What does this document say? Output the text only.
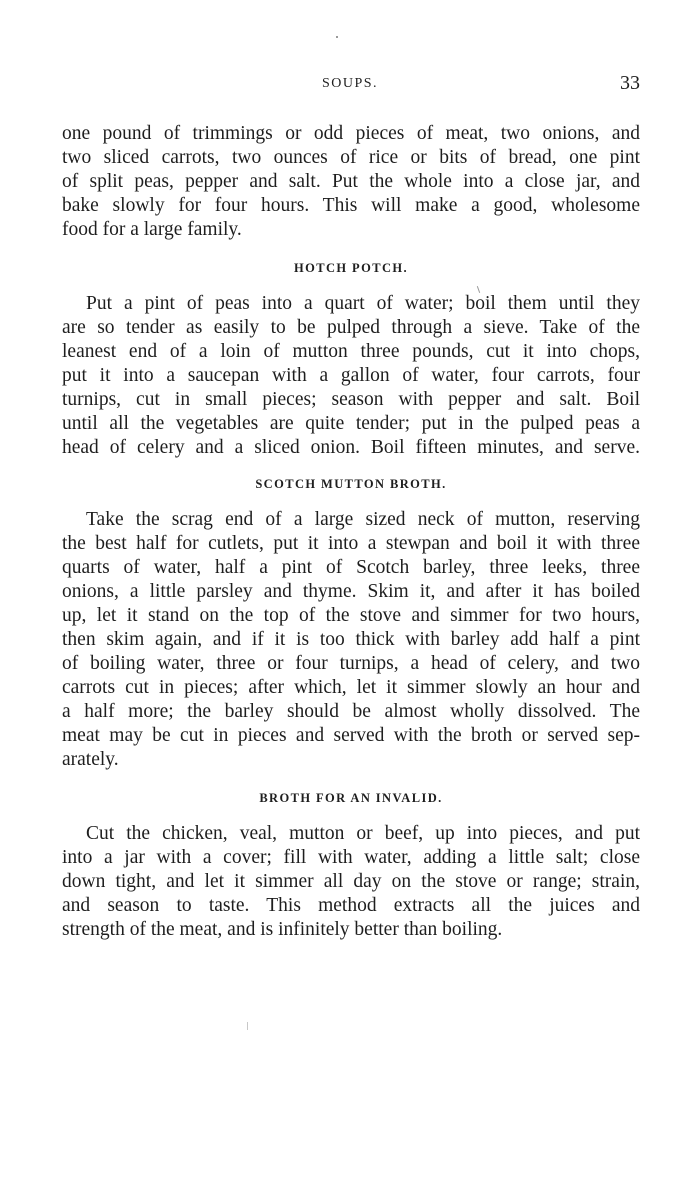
SOUPS.	33

one pound of trimmings or odd pieces of meat, two onions, and
two sliced carrots, two ounces of rice or bits of bread, one pint
of split peas, pepper and salt. Put the whole into a close jar, and
bake slowly for four hours. This will make a good, wholesome
food for a large family.

HOTCH POTCH.

Put a pint of peas into a quart of water; boil them until they
are so tender as easily to be pulped through a sieve. Take of the
leanest end of a loin of mutton three pounds, cut it into chops,
put it into a saucepan with a gallon of water, four carrots, four
turnips, cut in small pieces; season with pepper and salt. Boil
until all the vegetables are quite tender; put in the pulped peas a
head of celery and a sliced onion. Boil fifteen minutes, and serve.

SCOTCH MUTTON BROTH.

Take the scrag end of a large sized neck of mutton, reserving
the best half for cutlets, put it into a stewpan and boil it with three
quarts of water, half a pint of Scotch barley, three leeks, three
onions, a little parsley and thyme. Skim it, and after it has boiled
up, let it stand on the top of the stove and simmer for two hours,
then skim again, and if it is too thick with barley add half a pint
of boiling water, three or four turnips, a head of celery, and two
carrots cut in pieces; after which, let it simmer slowly an hour and
a half more; the barley should be almost wholly dissolved. The
meat may be cut in pieces and served with the broth or served sep-
arately.

BROTH FOR AN INVALID.

Cut the chicken, veal, mutton or beef, up into pieces, and put
into a jar with a cover; fill with water, adding a little salt; close
down tight, and let it simmer all day on the stove or range; strain,
and season to taste. This method extracts all the juices and
strength of the meat, and is infinitely better than boiling.
